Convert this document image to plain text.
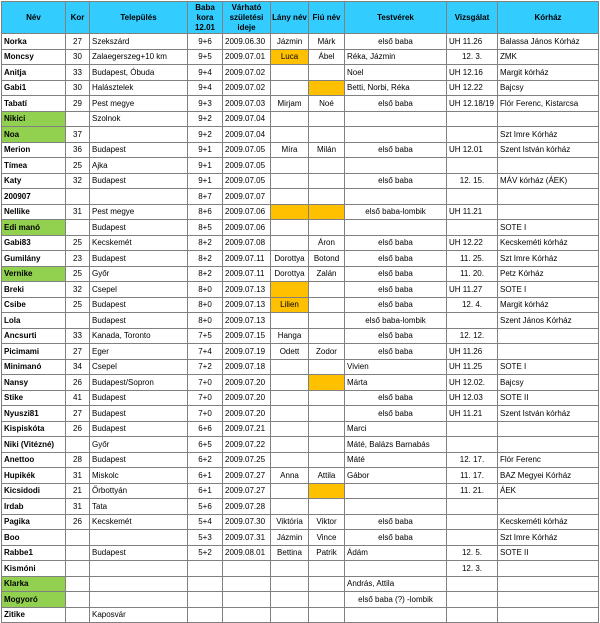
Név	Kor	Település	Baba kora 12.01	Várható születési ideje	Lány név	Fiú név	Testvérek	Vizsgálat	Kórház
Norka	27	Szekszárd	9+6	2009.06.30	Jázmin	Márk	első baba	UH 11.26	Balassa János Kórház
Moncsy	30	Zalaegerszeg+10 km	9+5	2009.07.01	Luca	Ábel	Réka, Jázmin	12. 3.	ZMK
Anitja	33	Budapest, Óbuda	9+4	2009.07.02			Noel	UH 12.16	Margit kórház
Gabi1	30	Halásztelek	9+4	2009.07.02			Betti, Norbi, Réka	UH 12.22	Bajcsy
Tabatí	29	Pest megye	9+3	2009.07.03	Mirjam	Noé	első baba	UH 12.18/19	Flór Ferenc, Kistarcsa
Nikici		Szolnok	9+2	2009.07.04					
Noa	37		9+2	2009.07.04					Szt Imre Kórház
Merion	36	Budapest	9+1	2009.07.05	Míra	Milán	első baba	UH 12.01	Szent István kórház
Tímea	25	Ajka	9+1	2009.07.05					
Katy	32	Budapest	9+1	2009.07.05			első baba	12. 15.	MÁV kórház (ÁEK)
200907			8+7	2009.07.07					
Nellike	31	Pest megye	8+6	2009.07.06			első baba-lombik	UH 11.21	
Edi manó		Budapest	8+5	2009.07.06					SOTE I
Gabi83	25	Kecskemét	8+2	2009.07.08		Áron	első baba	UH 12.22	Kecskeméti kórház
Gumilány	23	Budapest	8+2	2009.07.11	Dorottya	Botond	első baba	11. 25.	Szt Imre Kórház
Vernike	25	Győr	8+2	2009.07.11	Dorottya	Zalán	első baba	11. 20.	Petz Kórház
Breki	32	Csepel	8+0	2009.07.13			első baba	UH 11.27	SOTE I
Csibe	25	Budapest	8+0	2009.07.13	Lilien		első baba	12. 4.	Margit kórház
Lola		Budapest	8+0	2009.07.13			első baba-lombik		Szent János Kórház
Ancsurti	33	Kanada, Toronto	7+5	2009.07.15	Hanga		első baba	12. 12.	
Picimami	27	Eger	7+4	2009.07.19	Odett	Zodor	első baba	UH 11.26	
Minimanó	34	Csepel	7+2	2009.07.18			Vivien	UH 11.25	SOTE I
Nansy	26	Budapest/Sopron	7+0	2009.07.20			Márta	UH 12.02.	Bajcsy
Stike	41	Budapest	7+0	2009.07.20			első baba	UH 12.03	SOTE II
Nyuszi81	27	Budapest	7+0	2009.07.20			első baba	UH 11.21	Szent István kórház
Kispiskóta	26	Budapest	6+6	2009.07.21			Marci		
Niki (Vitézné)		Győr	6+5	2009.07.22			Máté, Balázs Barnabás		
Anettoo	28	Budapest	6+2	2009.07.25			Máté	12. 17.	Flór Ferenc
Hupikék	31	Miskolc	6+1	2009.07.27	Anna	Attila	Gábor	11. 17.	BAZ Megyei Kórház
Kicsidodi	21	Őrbottyán	6+1	2009.07.27				11. 21.	ÁEK
Irdab	31	Tata	5+6	2009.07.28					
Pagika	26	Kecskemét	5+4	2009.07.30	Viktória	Viktor	első baba		Kecskeméti kórház
Boo			5+3	2009.07.31	Jázmin	Vince	első baba		Szt Imre Kórház
Rabbe1		Budapest	5+2	2009.08.01	Bettina	Patrik	Ádám	12. 5.	SOTE II
Kismóni								12. 3.	
Klarka							András, Attila		
Mogyoró							első baba (?) -lombik		
Zitike		Kaposvár							
